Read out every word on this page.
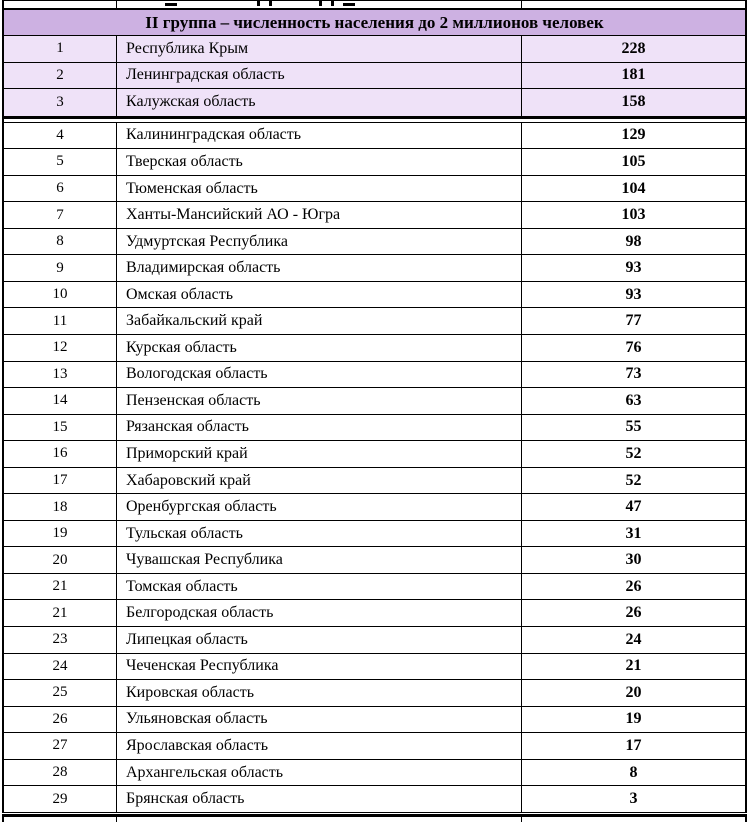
II группа – численность населения до 2 миллионов человек
1	Республика Крым	228
2	Ленинградская область	181
3	Калужская область	158
4	Калининградская область	129
5	Тверская область	105
6	Тюменская область	104
7	Ханты-Мансийский АО - Югра	103
8	Удмуртская Республика	98
9	Владимирская область	93
10	Омская область	93
11	Забайкальский край	77
12	Курская область	76
13	Вологодская область	73
14	Пензенская область	63
15	Рязанская область	55
16	Приморский край	52
17	Хабаровский край	52
18	Оренбургская область	47
19	Тульская область	31
20	Чувашская Республика	30
21	Томская область	26
21	Белгородская область	26
23	Липецкая область	24
24	Чеченская Республика	21
25	Кировская область	20
26	Ульяновская область	19
27	Ярославская область	17
28	Архангельская область	8
29	Брянская область	3
